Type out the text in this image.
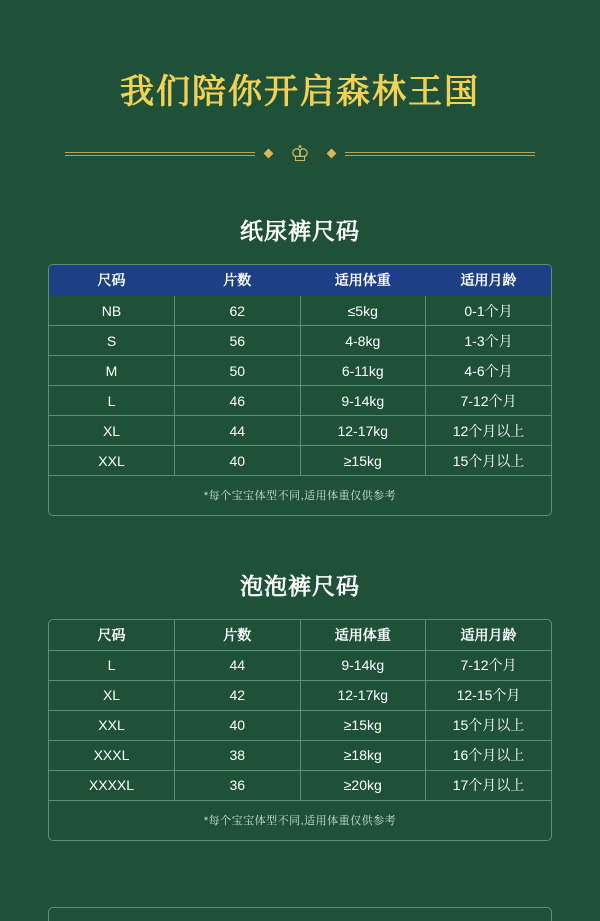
我们陪你开启森林王国
♔
纸尿裤尺码
尺码	片数	适用体重	适用月龄
NB	62	≤5kg	0-1个月
S	56	4-8kg	1-3个月
M	50	6-11kg	4-6个月
L	46	9-14kg	7-12个月
XL	44	12-17kg	12个月以上
XXL	40	≥15kg	15个月以上
*每个宝宝体型不同,适用体重仅供参考
泡泡裤尺码
尺码	片数	适用体重	适用月龄
L	44	9-14kg	7-12个月
XL	42	12-17kg	12-15个月
XXL	40	≥15kg	15个月以上
XXXL	38	≥18kg	16个月以上
XXXXL	36	≥20kg	17个月以上
*每个宝宝体型不同,适用体重仅供参考
